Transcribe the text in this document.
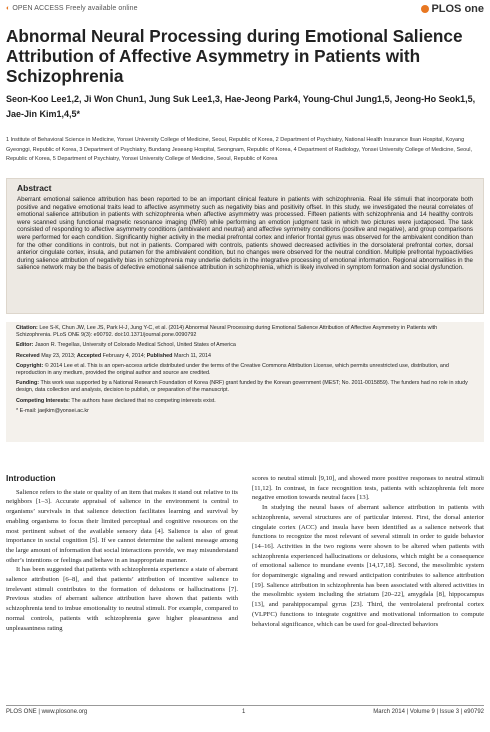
◐ OPEN ACCESS Freely available online	PLOS one
Abnormal Neural Processing during Emotional Salience Attribution of Affective Asymmetry in Patients with Schizophrenia
Seon-Koo Lee1,2, Ji Won Chun1, Jung Suk Lee1,3, Hae-Jeong Park4, Young-Chul Jung1,5, Jeong-Ho Seok1,5, Jae-Jin Kim1,4,5*
1 Institute of Behavioral Science in Medicine, Yonsei University College of Medicine, Seoul, Republic of Korea, 2 Department of Psychiatry, National Health Insurance Ilsan Hospital, Koyang Gyeonggi, Republic of Korea, 3 Department of Psychiatry, Bundang Jeseang Hospital, Seongnam, Republic of Korea, 4 Department of Radiology, Yonsei University College of Medicine, Seoul, Republic of Korea, 5 Department of Psychiatry, Yonsei University College of Medicine, Seoul, Republic of Korea
Abstract

Aberrant emotional salience attribution has been reported to be an important clinical feature in patients with schizophrenia. Real life stimuli that incorporate both positive and negative emotional traits lead to affective asymmetry such as negativity bias and positivity offset. In this study, we investigated the neural correlates of emotional salience attribution in patients with schizophrenia when affective asymmetry was processed. Fifteen patients with schizophrenia and 14 healthy controls were scanned using functional magnetic resonance imaging (fMRI) while performing an emotion judgment task in which two pictures were juxtaposed. The task consisted of responding to affective asymmetry conditions (ambivalent and neutral) and affective symmetry conditions (positive and negative), and group comparisons were performed for each condition. Significantly higher activity in the medial prefrontal cortex and inferior frontal gyrus was observed for the ambivalent condition than for the other conditions in controls, but not in patients. Compared with controls, patients showed decreased activities in the dorsolateral prefrontal cortex, dorsal anterior cingulate cortex, insula, and putamen for the ambivalent condition, but no changes were observed for the neutral condition. Multiple prefrontal hypoactivities during salience attribution of negativity bias in schizophrenia may underlie deficits in the integrative processing of emotional information. Regional abnormalities in the salience network may be the basis of defective emotional salience attribution in schizophrenia, which is likely involved in symptom formation and social dysfunction.

Citation: Lee S-K, Chun JW, Lee JS, Park H-J, Jung Y-C, et al. (2014) Abnormal Neural Processing during Emotional Salience Attribution of Affective Asymmetry in Patients with Schizophrenia. PLoS ONE 9(3): e90792. doi:10.1371/journal.pone.0090792
Editor: Jason R. Tregellas, University of Colorado Medical School, United States of America
Received May 23, 2013; Accepted February 4, 2014; Published March 11, 2014
Copyright: © 2014 Lee et al. This is an open-access article distributed under the terms of the Creative Commons Attribution License, which permits unrestricted use, distribution, and reproduction in any medium, provided the original author and source are credited.
Funding: This work was supported by a National Research Foundation of Korea (NRF) grant funded by the Korean government (MEST; No. 2011-0015859). The funders had no role in study design, data collection and analysis, decision to publish, or preparation of the manuscript.
Competing Interests: The authors have declared that no competing interests exist.
* E-mail: jaejkim@yonsei.ac.kr
Introduction

Salience refers to the state or quality of an item that makes it stand out relative to its neighbors [1–3]. Accurate appraisal of salience in the environment is central to organisms’ survivals in that salience detection facilitates learning and survival by enabling organisms to focus their limited perceptual and cognitive resources on the most pertinent subset of the available sensory data [4]. Salience is also of great importance in social cognition [5]. If we cannot determine the salient message among the large amount of information that social interactions provide, we may misunderstand other’s intentions or feelings and behave in an inappropriate manner.

It has been suggested that patients with schizophrenia experience a state of aberrant salience attribution [6–8], and that patients’ attribution of incentive salience to irrelevant stimuli contributes to the formation of delusions or hallucinations [7]. Previous studies of aberrant salience attribution have shown that patients with schizophrenia tend to imbue emotionality to neutral stimuli. For example, compared to normal controls, patients with schizophrenia gave higher pleasantness and unpleasantness rating

scores to neutral stimuli [9,10], and showed more positive responses to neutral stimuli [11,12]. In contrast, in face recognition tests, patients with schizophrenia felt more negative emotion towards neutral faces [13].

In studying the neural bases of aberrant salience attribution in patients with schizophrenia, several structures are of particular interest. First, the dorsal anterior cingulate cortex (ACC) and insula have been identified as a salience network that functions to recognize the most relevant of several stimuli in order to guide behavior [14–16]. Activities in the two regions were shown to be altered when patients with schizophrenia experienced hallucinations or delusions, which might be a consequence of emotional salience to mundane events [14,17,18]. Second, the mesolimbic system for dopaminergic signaling and reward anticipation contributes to salience attribution [19]. Salience attribution in schizophrenia has been associated with altered activities in the mesolimbic system including the striatum [20–22], amygdala [8], hippocampus [13], and parahippocampal gyrus [23]. Third, the ventrolateral prefrontal cortex (VLPFC) functions to integrate cognitive and motivational information to compute behavioral significance, which can be used for goal-directed behaviors

PLOS ONE | www.plosone.org	1	March 2014 | Volume 9 | Issue 3 | e90792
